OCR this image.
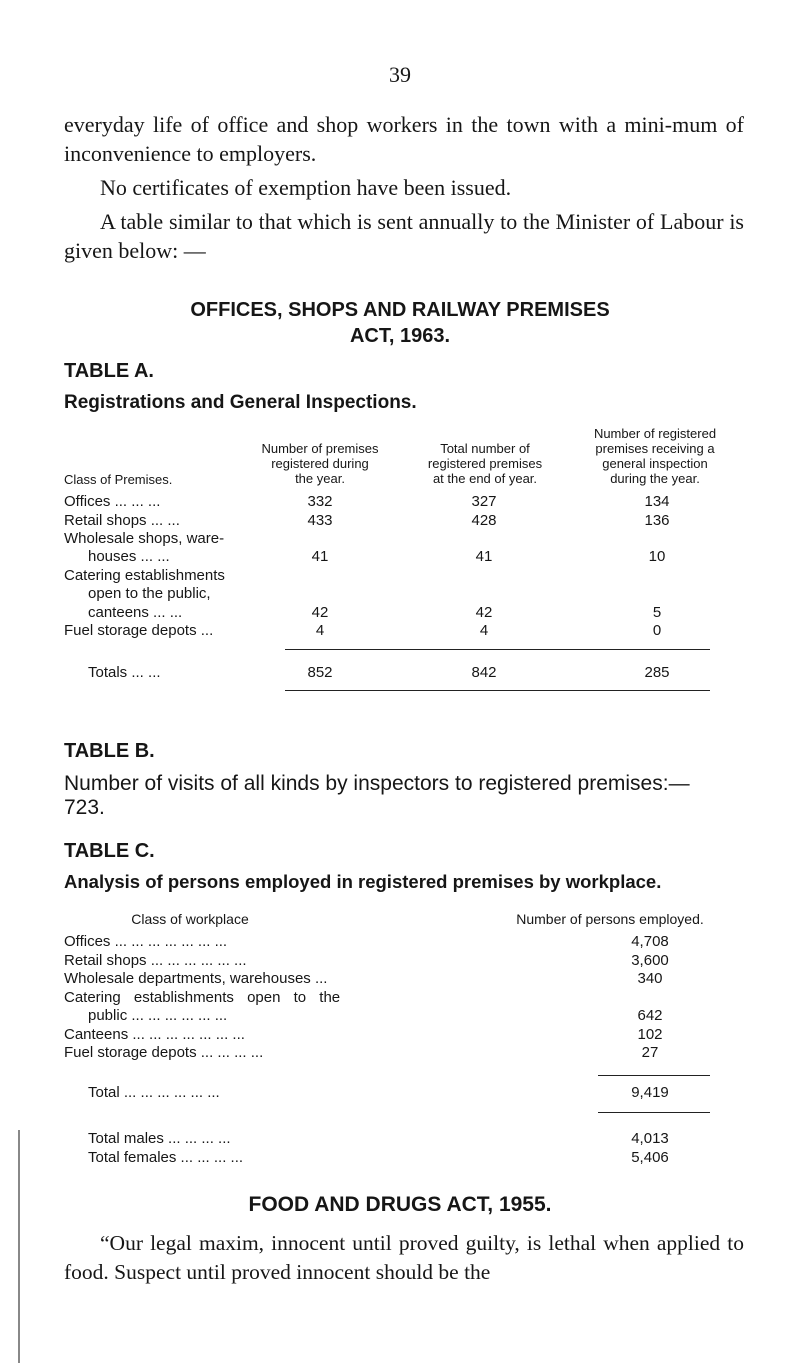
39

everyday life of office and shop workers in the town with a mini-mum of inconvenience to employers.

No certificates of exemption have been issued.

A table similar to that which is sent annually to the Minister of Labour is given below: —

OFFICES, SHOPS AND RAILWAY PREMISES
ACT, 1963.
TABLE A.
Registrations and General Inspections.
Class of Premises.
Number of premises
registered during
the year.
Total number of
registered premises
at the end of year.
Number of registered
premises receiving a
general inspection
during the year.
Offices ... ... ...	332	327	134
Retail shops ... ...	433	428	136
Wholesale shops, ware-
houses ... ...	41	41	10
Catering establishments
open to the public,
canteens ... ...	42	42	5
Fuel storage depots ...	4	4	0
Totals ... ...	852	842	285
TABLE B.
Number of visits of all kinds by inspectors to registered premises:—
723.
TABLE C.
Analysis of persons employed in registered premises by workplace.
Class of workplace	Number of persons employed.
Offices ... ... ... ... ... ... ...	4,708
Retail shops ... ... ... ... ... ...	3,600
Wholesale departments, warehouses ...	340
Catering establishments open to the
public ... ... ... ... ... ...	642
Canteens ... ... ... ... ... ... ...	102
Fuel storage depots ... ... ... ...	27
Total ... ... ... ... ... ...	9,419
Total males ... ... ... ...	4,013
Total females ... ... ... ...	5,406
FOOD AND DRUGS ACT, 1955.

“Our legal maxim, innocent until proved guilty, is lethal when applied to food. Suspect until proved innocent should be the
